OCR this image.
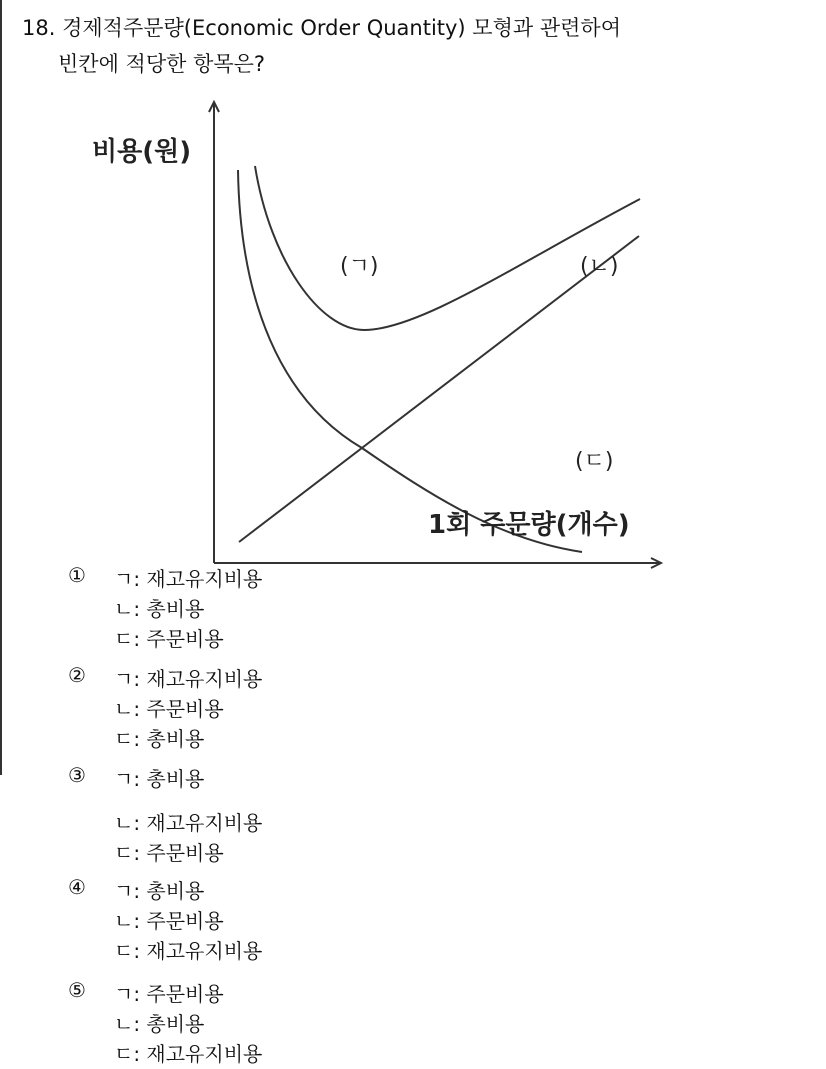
18. 경제적주문량(Economic Order Quantity) 모형과 관련하여
빈칸에 적당한 항목은?
비용(원)
1회 주문량(개수)
(ㄱ)	(ㄴ)
(ㄷ)
① ㄱ: 재고유지비용
ㄴ: 총비용
ㄷ: 주문비용
② ㄱ: 재고유지비용
ㄴ: 주문비용
ㄷ: 총비용
③ ㄱ: 총비용
ㄴ: 재고유지비용
ㄷ: 주문비용
④ ㄱ: 총비용
ㄴ: 주문비용
ㄷ: 재고유지비용
⑤ ㄱ: 주문비용
ㄴ: 총비용
ㄷ: 재고유지비용
